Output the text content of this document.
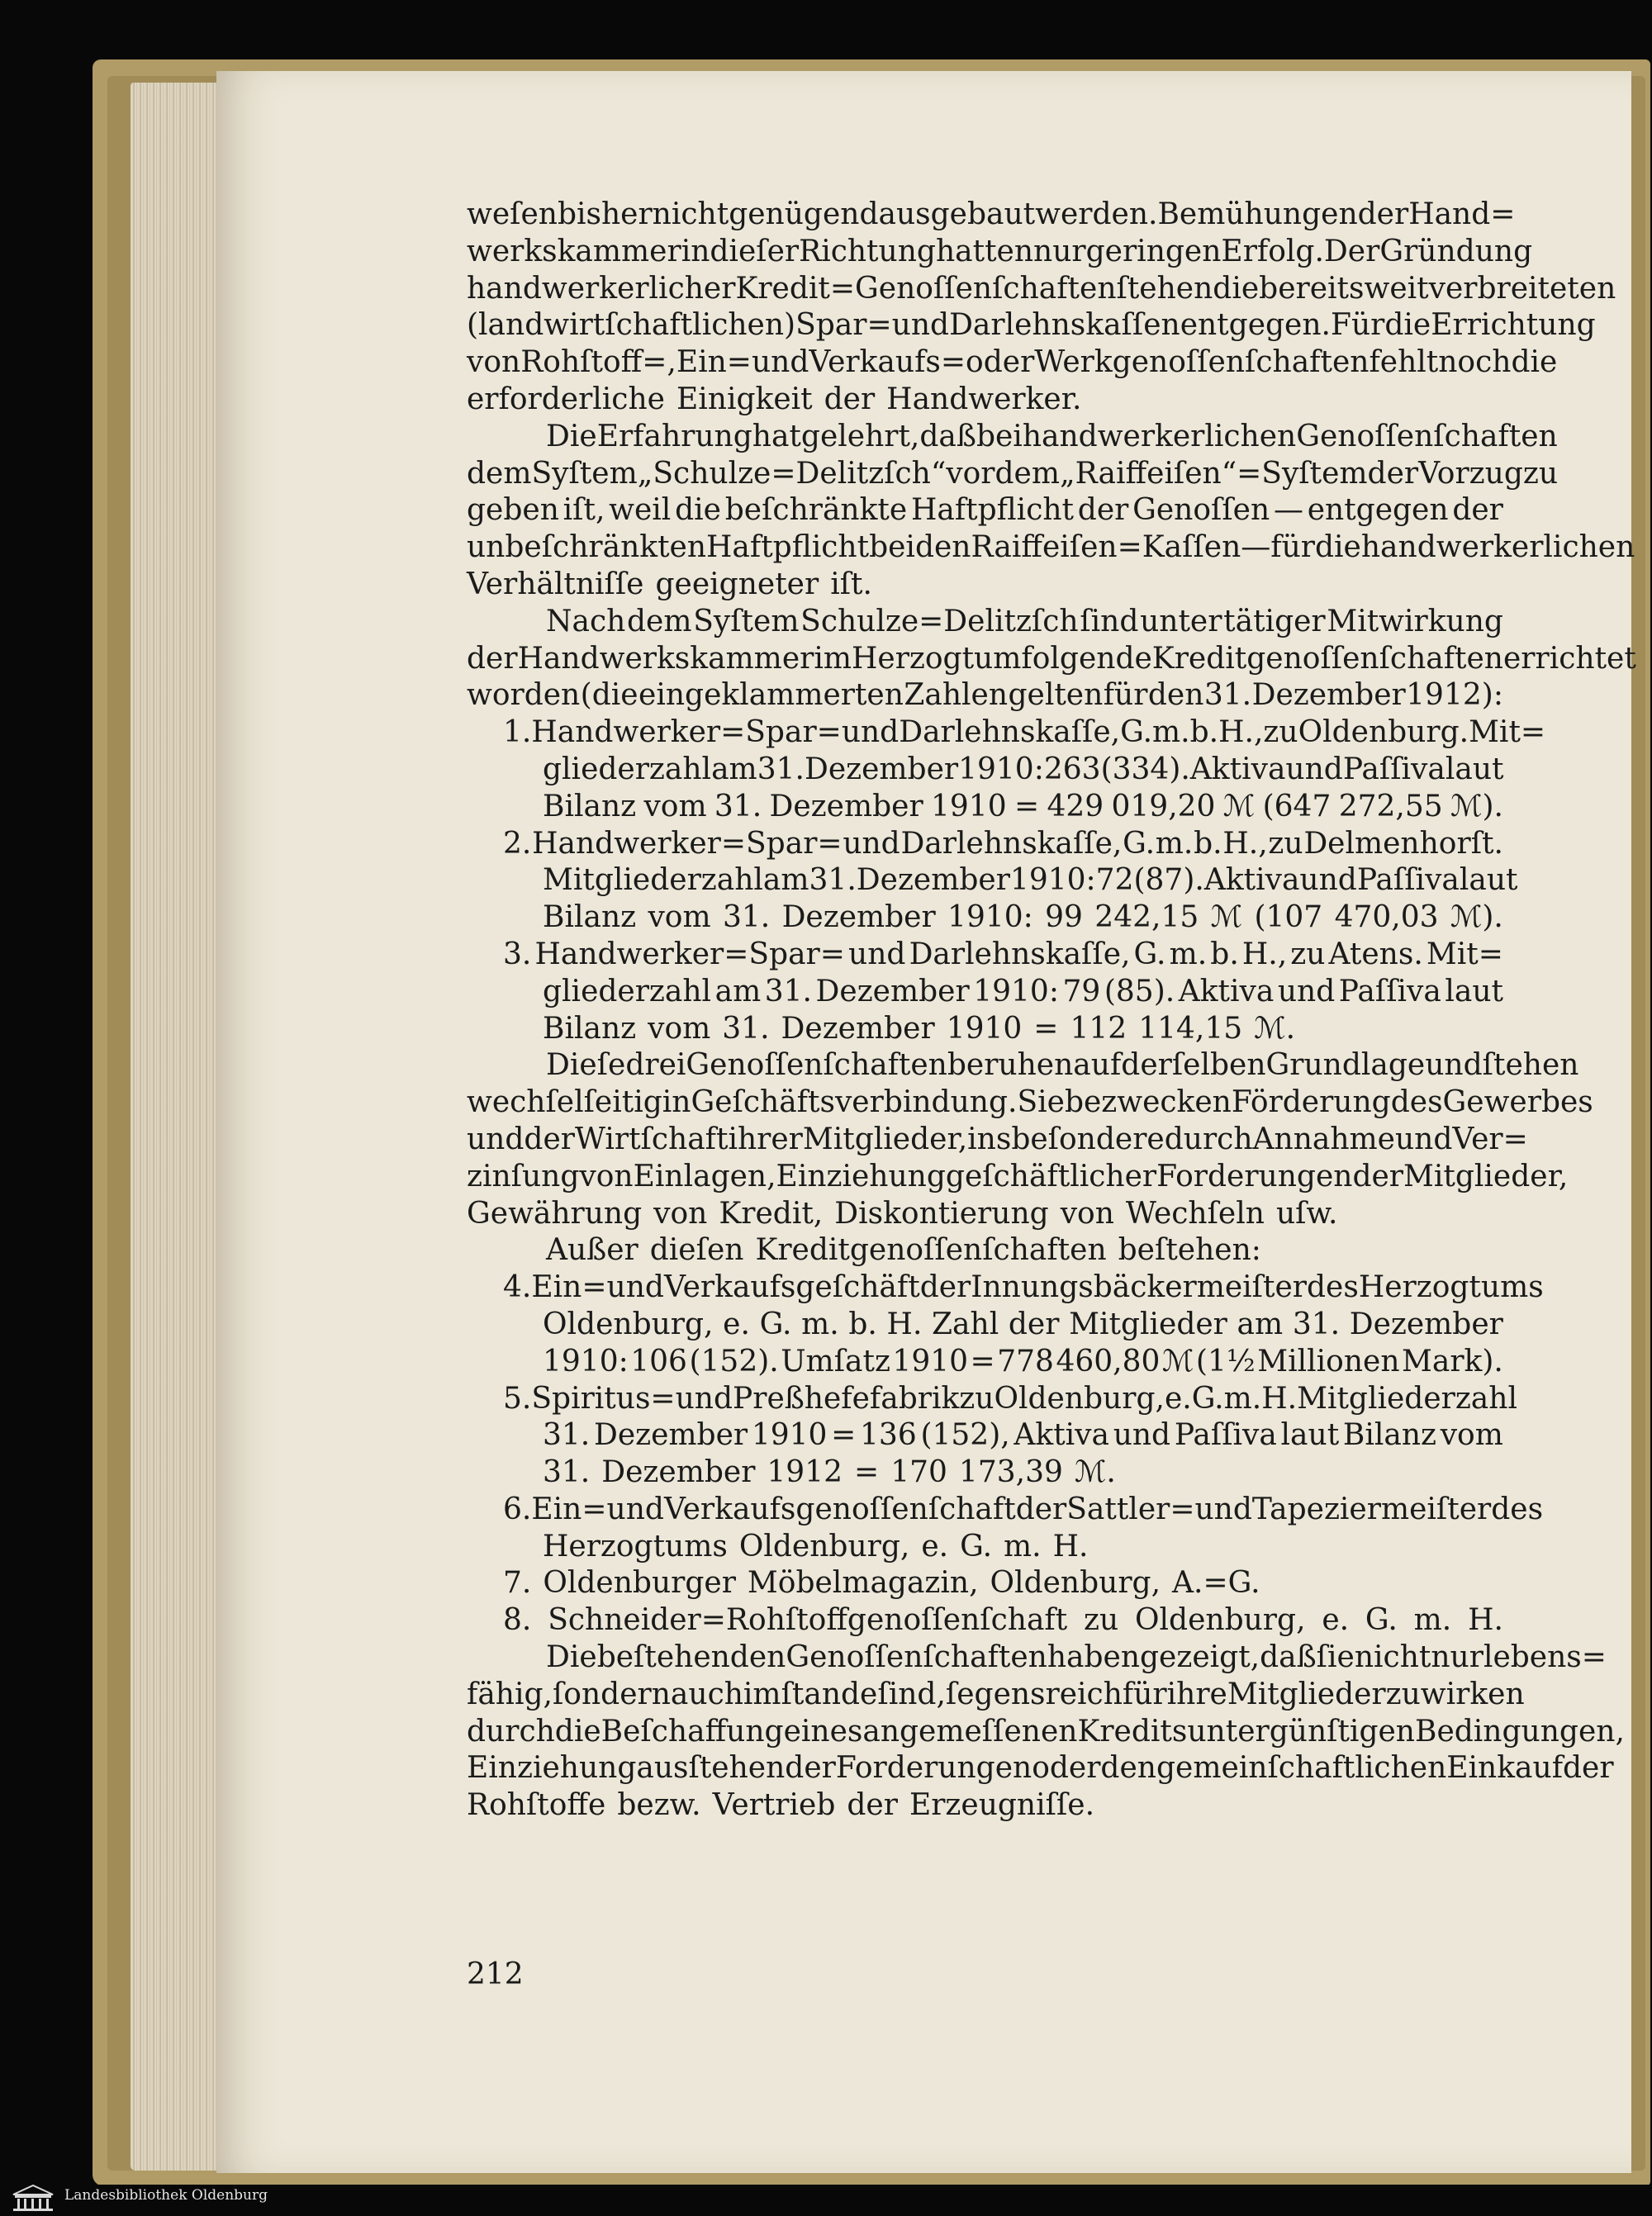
weſen bisher nicht genügend ausgebaut werden. Bemühungen der Hand=
werkskammer in dieſer Richtung hatten nur geringen Erfolg. Der Gründung
handwerkerlicher Kredit=Genoſſenſchaften ſtehen die bereits weit verbreiteten
(landwirtſchaftlichen) Spar= und Darlehnskaſſen entgegen. Für die Errichtung
von Rohſtoff=, Ein= und Verkaufs= oder Werkgenoſſenſchaften fehlt noch die
erforderliche Einigkeit der Handwerker.
Die Erfahrung hat gelehrt, daß bei handwerkerlichen Genoſſenſchaften
dem Syſtem „Schulze=Delitzſch“ vor dem „Raiffeiſen“=Syſtem der Vorzug zu
geben iſt, weil die beſchränkte Haftpflicht der Genoſſen — entgegen der
unbeſchränkten Haftpflicht bei den Raiffeiſen=Kaſſen — für die handwerkerlichen
Verhältniſſe geeigneter iſt.
Nach dem Syſtem Schulze=Delitzſch ſind unter tätiger Mitwirkung
der Handwerkskammer im Herzogtum folgende Kreditgenoſſenſchaften errichtet
worden (die eingeklammerten Zahlen gelten für den 31. Dezember 1912):
1. Handwerker=Spar= und Darlehnskaſſe, G. m. b. H., zu Oldenburg. Mit=
gliederzahl am 31. Dezember 1910: 263 (334). Aktiva und Paſſiva laut
Bilanz vom 31. Dezember 1910 = 429 019,20 ℳ (647 272,55 ℳ).
2. Handwerker=Spar= und Darlehnskaſſe, G. m. b. H., zu Delmenhorſt.
Mitgliederzahl am 31. Dezember 1910: 72 (87). Aktiva und Paſſiva laut
Bilanz vom 31. Dezember 1910: 99 242,15 ℳ (107 470,03 ℳ).
3. Handwerker=Spar= und Darlehnskaſſe, G. m. b. H., zu Atens. Mit=
gliederzahl am 31. Dezember 1910: 79 (85). Aktiva und Paſſiva laut
Bilanz vom 31. Dezember 1910 = 112 114,15 ℳ.
Dieſe drei Genoſſenſchaften beruhen auf derſelben Grundlage und ſtehen
wechſelſeitig in Geſchäftsverbindung. Sie bezwecken Förderung des Gewerbes
und der Wirtſchaft ihrer Mitglieder, insbeſondere durch Annahme und Ver=
zinſung von Einlagen, Einziehung geſchäftlicher Forderungen der Mitglieder,
Gewährung von Kredit, Diskontierung von Wechſeln uſw.
Außer dieſen Kreditgenoſſenſchaften beſtehen:
4. Ein= und Verkaufsgeſchäft der Innungsbäckermeiſter des Herzogtums
Oldenburg, e. G. m. b. H. Zahl der Mitglieder am 31. Dezember
1910: 106 (152). Umſatz 1910 = 778 460,80 ℳ (1½ Millionen Mark).
5. Spiritus= und Preßhefefabrik zu Oldenburg, e. G. m. H. Mitgliederzahl
31. Dezember 1910 = 136 (152), Aktiva und Paſſiva laut Bilanz vom
31. Dezember 1912 = 170 173,39 ℳ.
6. Ein= und Verkaufsgenoſſenſchaft der Sattler= und Tapeziermeiſter des
Herzogtums Oldenburg, e. G. m. H.
7. Oldenburger Möbelmagazin, Oldenburg, A.=G.
8. Schneider=Rohſtoffgenoſſenſchaft zu Oldenburg, e. G. m. H.
Die beſtehenden Genoſſenſchaften haben gezeigt, daß ſie nicht nur lebens=
fähig, ſondern auch imſtande ſind, ſegensreich für ihre Mitglieder zu wirken
durch die Beſchaffung eines angemeſſenen Kredits unter günſtigen Bedingungen,
Einziehung ausſtehender Forderungen oder den gemeinſchaftlichen Einkauf der
Rohſtoffe bezw. Vertrieb der Erzeugniſſe.
212
Landesbibliothek Oldenburg
